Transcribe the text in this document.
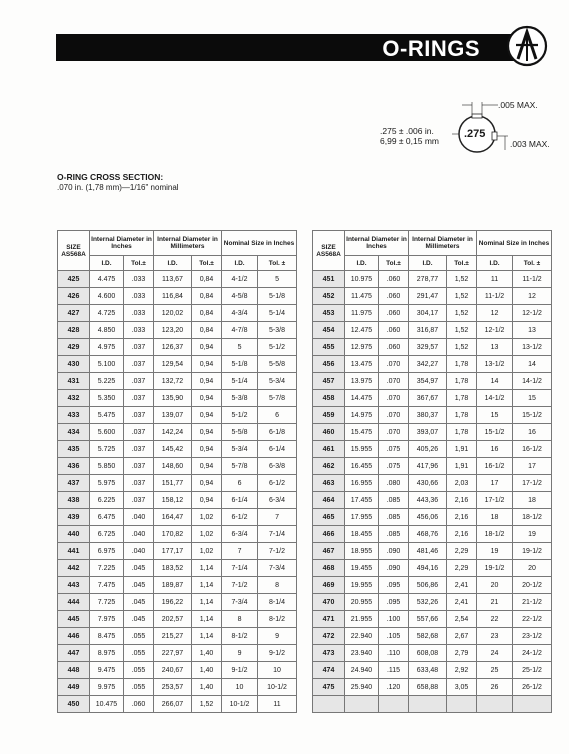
O-RINGS
.005 MAX.
.275
.003 MAX.
.275 ± .006 in.
6,99 ± 0,15 mm
O-RING CROSS SECTION:
.070 in. (1,78 mm)—1/16" nominal
SIZE AS568A	Internal Diameter in Inches		Internal Diameter in Millimeters		Nominal Size in Inches	
	I.D.	Tol.±	I.D.	Tol.±	I.D.	Tol. ±
425	4.475	.033	113,67	0,84	4-1/2	5
426	4.600	.033	116,84	0,84	4-5/8	5-1/8
427	4.725	.033	120,02	0,84	4-3/4	5-1/4
428	4.850	.033	123,20	0,84	4-7/8	5-3/8
429	4.975	.037	126,37	0,94	5	5-1/2
430	5.100	.037	129,54	0,94	5-1/8	5-5/8
431	5.225	.037	132,72	0,94	5-1/4	5-3/4
432	5.350	.037	135,90	0,94	5-3/8	5-7/8
433	5.475	.037	139,07	0,94	5-1/2	6
434	5.600	.037	142,24	0,94	5-5/8	6-1/8
435	5.725	.037	145,42	0,94	5-3/4	6-1/4
436	5.850	.037	148,60	0,94	5-7/8	6-3/8
437	5.975	.037	151,77	0,94	6	6-1/2
438	6.225	.037	158,12	0,94	6-1/4	6-3/4
439	6.475	.040	164,47	1,02	6-1/2	7
440	6.725	.040	170,82	1,02	6-3/4	7-1/4
441	6.975	.040	177,17	1,02	7	7-1/2
442	7.225	.045	183,52	1,14	7-1/4	7-3/4
443	7.475	.045	189,87	1,14	7-1/2	8
444	7.725	.045	196,22	1,14	7-3/4	8-1/4
445	7.975	.045	202,57	1,14	8	8-1/2
446	8.475	.055	215,27	1,14	8-1/2	9
447	8.975	.055	227,97	1,40	9	9-1/2
448	9.475	.055	240,67	1,40	9-1/2	10
449	9.975	.055	253,57	1,40	10	10-1/2
450	10.475	.060	266,07	1,52	10-1/2	11
SIZE AS568A	Internal Diameter in Inches		Internal Diameter in Millimeters		Nominal Size in Inches	
	I.D.	Tol.±	I.D.	Tol.±	I.D.	Tol. ±
451	10.975	.060	278,77	1,52	11	11-1/2
452	11.475	.060	291,47	1,52	11-1/2	12
453	11.975	.060	304,17	1,52	12	12-1/2
454	12.475	.060	316,87	1,52	12-1/2	13
455	12.975	.060	329,57	1,52	13	13-1/2
456	13.475	.070	342,27	1,78	13-1/2	14
457	13.975	.070	354,97	1,78	14	14-1/2
458	14.475	.070	367,67	1,78	14-1/2	15
459	14.975	.070	380,37	1,78	15	15-1/2
460	15.475	.070	393,07	1,78	15-1/2	16
461	15.955	.075	405,26	1,91	16	16-1/2
462	16.455	.075	417,96	1,91	16-1/2	17
463	16.955	.080	430,66	2,03	17	17-1/2
464	17.455	.085	443,36	2,16	17-1/2	18
465	17.955	.085	456,06	2,16	18	18-1/2
466	18.455	.085	468,76	2,16	18-1/2	19
467	18.955	.090	481,46	2,29	19	19-1/2
468	19.455	.090	494,16	2,29	19-1/2	20
469	19.955	.095	506,86	2,41	20	20-1/2
470	20.955	.095	532,26	2,41	21	21-1/2
471	21.955	.100	557,66	2,54	22	22-1/2
472	22.940	.105	582,68	2,67	23	23-1/2
473	23.940	.110	608,08	2,79	24	24-1/2
474	24.940	.115	633,48	2,92	25	25-1/2
475	25.940	.120	658,88	3,05	26	26-1/2
